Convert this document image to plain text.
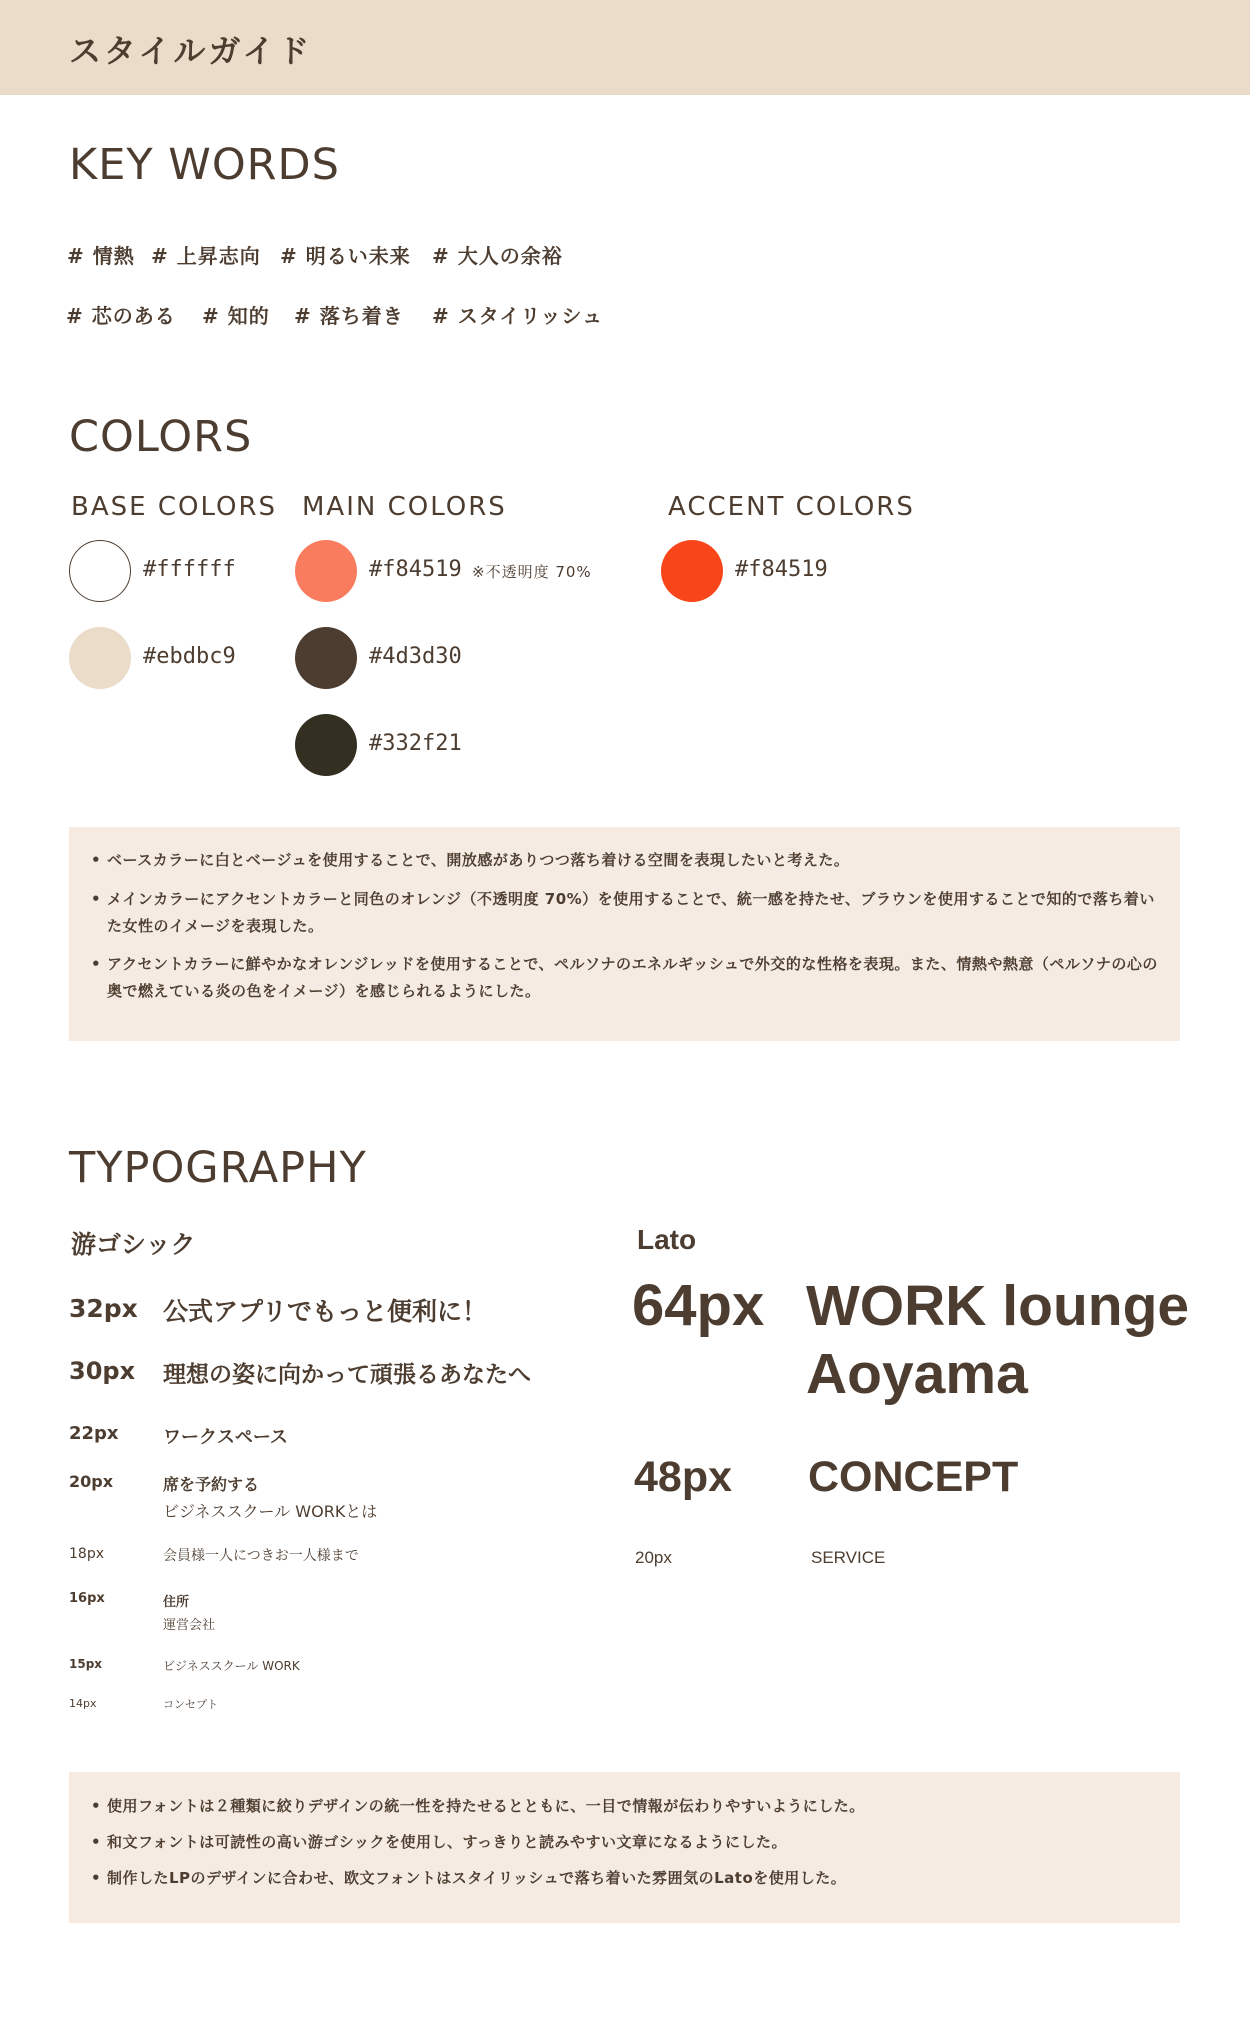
スタイルガイド
KEY WORDS
# 情熱 # 上昇志向 # 明るい未来 # 大人の余裕
# 芯のある # 知的 # 落ち着き # スタイリッシュ
COLORS
BASE COLORS MAIN COLORS	ACCENT COLORS
#ffffff
#ebdbc9
#f84519 ※不透明度 70%
#4d3d30
#332f21
#f84519
• ベースカラーに白とベージュを使用することで、開放感がありつつ落ち着ける空間を表現したいと考えた。
• メインカラーにアクセントカラーと同色のオレンジ（不透明度 70%）を使用することで、統一感を持たせ、ブラウンを使用することで知的で落ち着いた女性のイメージを表現した。
• アクセントカラーに鮮やかなオレンジレッドを使用することで、ペルソナのエネルギッシュで外交的な性格を表現。また、情熱や熱意（ペルソナの心の奥で燃えている炎の色をイメージ）を感じられるようにした。
TYPOGRAPHY
游ゴシック	Lato
32px 公式アプリでもっと便利に！
30px 理想の姿に向かって頑張るあなたへ
22px ワークスペース
20px	席を予約する
ビジネススクール WORKとは
18px	会員様一人につきお一人様まで
16px	住所
運営会社
15px	ビジネススクール WORK
14px	コンセプト
64px WORK lounge
Aoyama
48px CONCEPT
20px	SERVICE
• 使用フォントは２種類に絞りデザインの統一性を持たせるとともに、一目で情報が伝わりやすいようにした。
• 和文フォントは可読性の高い游ゴシックを使用し、すっきりと読みやすい文章になるようにした。
• 制作したLPのデザインに合わせ、欧文フォントはスタイリッシュで落ち着いた雰囲気のLatoを使用した。
